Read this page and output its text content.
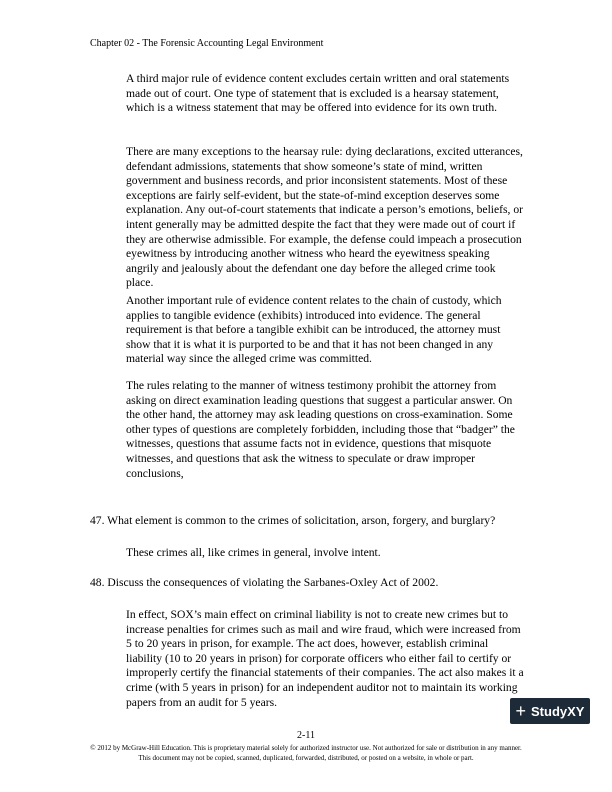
Chapter 02 - The Forensic Accounting Legal Environment
A third major rule of evidence content excludes certain written and oral statements made out of court. One type of statement that is excluded is a hearsay statement, which is a witness statement that may be offered into evidence for its own truth.
There are many exceptions to the hearsay rule: dying declarations, excited utterances, defendant admissions, statements that show someone’s state of mind, written government and business records, and prior inconsistent statements. Most of these exceptions are fairly self-evident, but the state-of-mind exception deserves some explanation. Any out-of-court statements that indicate a person’s emotions, beliefs, or intent generally may be admitted despite the fact that they were made out of court if they are otherwise admissible. For example, the defense could impeach a prosecution eyewitness by introducing another witness who heard the eyewitness speaking angrily and jealously about the defendant one day before the alleged crime took place.
Another important rule of evidence content relates to the chain of custody, which applies to tangible evidence (exhibits) introduced into evidence. The general requirement is that before a tangible exhibit can be introduced, the attorney must show that it is what it is purported to be and that it has not been changed in any material way since the alleged crime was committed.
The rules relating to the manner of witness testimony prohibit the attorney from asking on direct examination leading questions that suggest a particular answer. On the other hand, the attorney may ask leading questions on cross-examination. Some other types of questions are completely forbidden, including those that “badger” the witnesses, questions that assume facts not in evidence, questions that misquote witnesses, and questions that ask the witness to speculate or draw improper conclusions,
47. What element is common to the crimes of solicitation, arson, forgery, and burglary?
These crimes all, like crimes in general, involve intent.
48. Discuss the consequences of violating the Sarbanes-Oxley Act of 2002.
In effect, SOX’s main effect on criminal liability is not to create new crimes but to increase penalties for crimes such as mail and wire fraud, which were increased from 5 to 20 years in prison, for example. The act does, however, establish criminal liability (10 to 20 years in prison) for corporate officers who either fail to certify or improperly certify the financial statements of their companies. The act also makes it a crime (with 5 years in prison) for an independent auditor not to maintain its working papers from an audit for 5 years.	+ StudyXY
2-11
© 2012 by McGraw-Hill Education. This is proprietary material solely for authorized instructor use. Not authorized for sale or distribution in any manner. This document may not be copied, scanned, duplicated, forwarded, distributed, or posted on a website, in whole or part.
